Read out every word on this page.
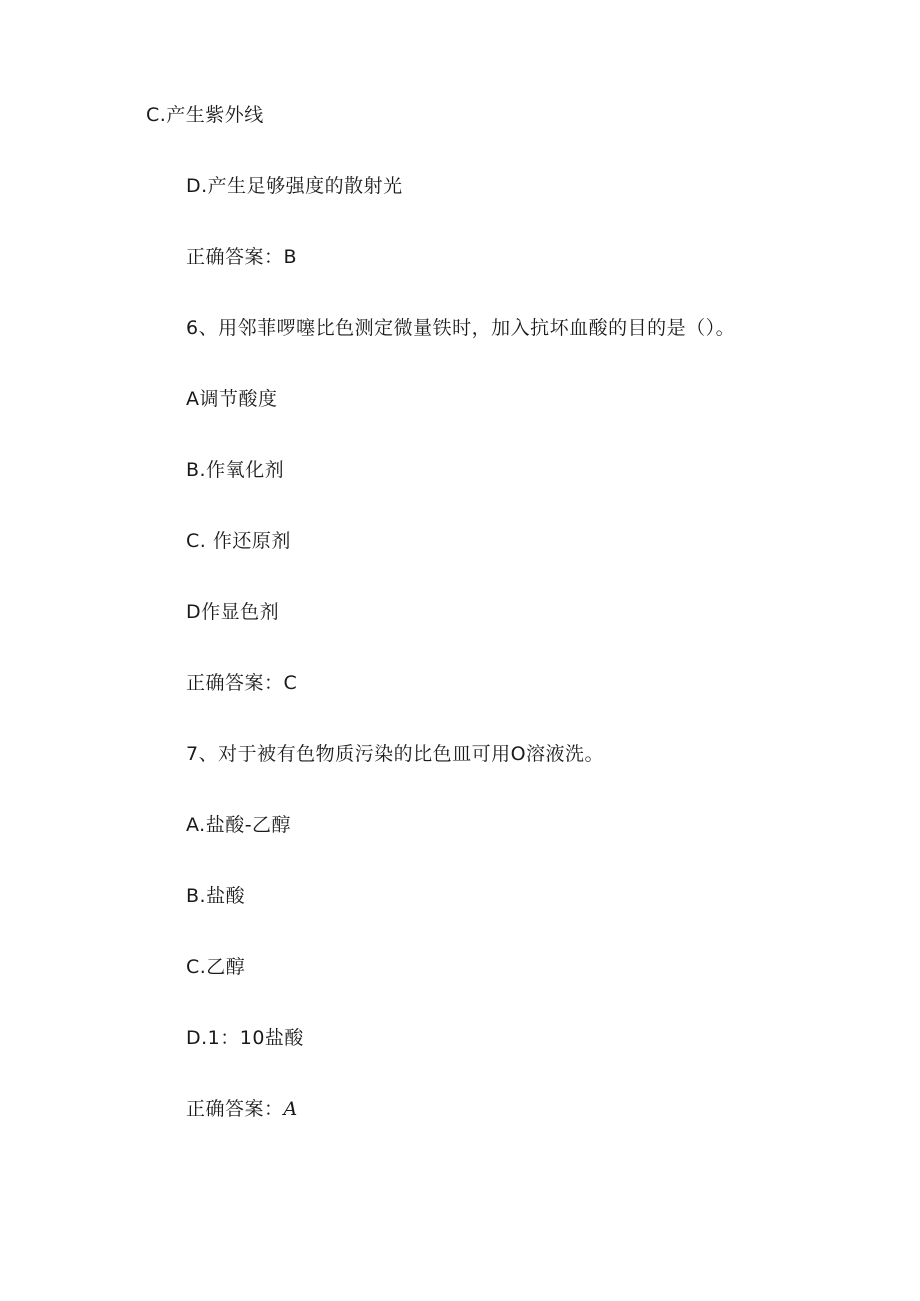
C.产生紫外线
D.产生足够强度的散射光
正确答案：B
6、用邻菲啰噻比色测定微量铁时，加入抗坏血酸的目的是（）。
A调节酸度
B.作氧化剂
C. 作还原剂
D作显色剂
正确答案：C
7、对于被有色物质污染的比色皿可用O溶液洗。
A.盐酸-乙醇
B.盐酸
C.乙醇
D.1：10盐酸
正确答案：A
